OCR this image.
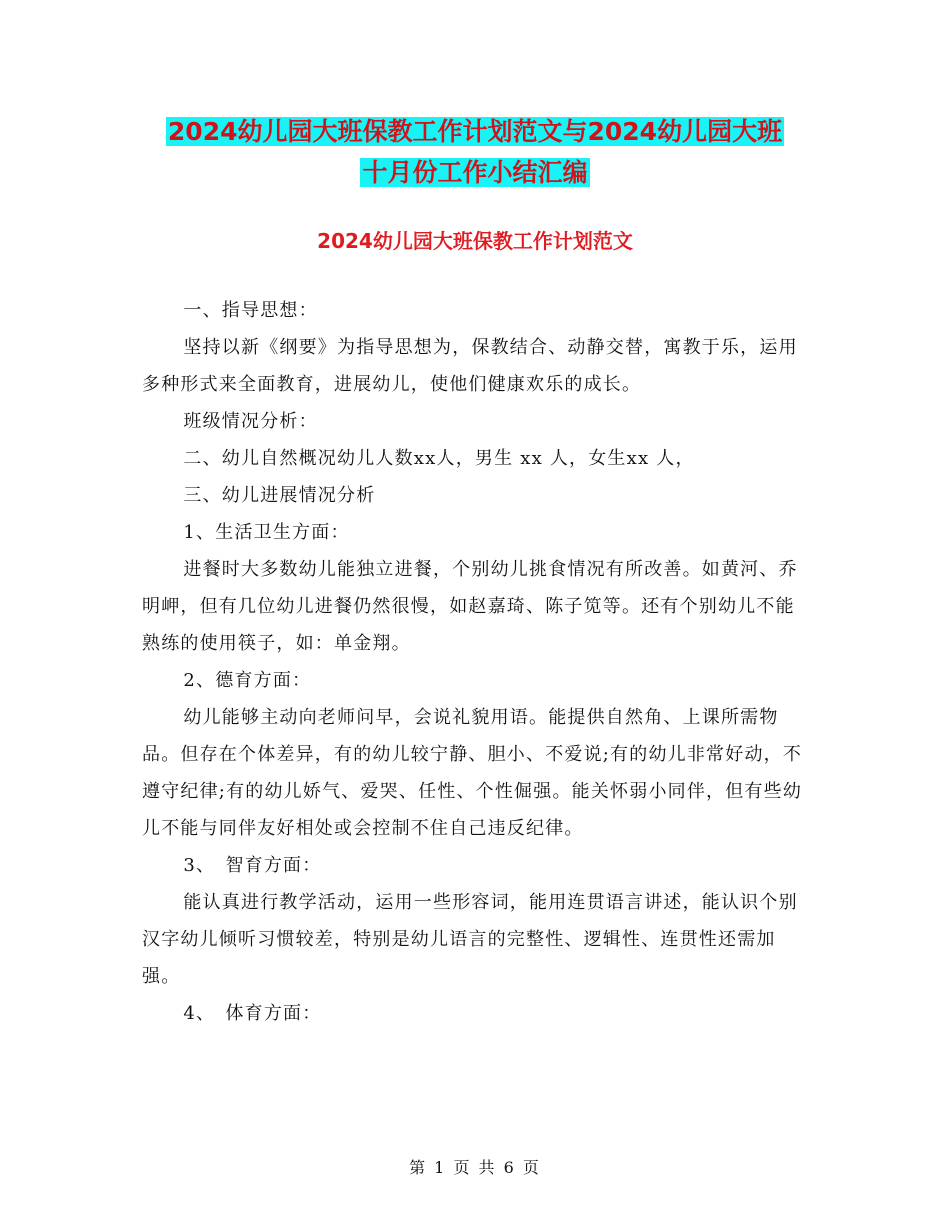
2024幼儿园大班保教工作计划范文与2024幼儿园大班
十月份工作小结汇编
2024幼儿园大班保教工作计划范文

一、指导思想：

坚持以新《纲要》为指导思想为，保教结合、动静交替，寓教于乐，运用多种形式来全面教育，进展幼儿，使他们健康欢乐的成长。

班级情况分析：

二、幼儿自然概况幼儿人数xx人，男生 xx 人，女生xx 人，

三、幼儿进展情况分析

1、生活卫生方面：

进餐时大多数幼儿能独立进餐，个别幼儿挑食情况有所改善。如黄河、乔明岬，但有几位幼儿进餐仍然很慢，如赵嘉琦、陈子笕等。还有个别幼儿不能熟练的使用筷子，如：单金翔。

2、德育方面：

幼儿能够主动向老师问早，会说礼貌用语。能提供自然角、上课所需物品。但存在个体差异，有的幼儿较宁静、胆小、不爱说;有的幼儿非常好动，不遵守纪律;有的幼儿娇气、爱哭、任性、个性倔强。能关怀弱小同伴，但有些幼儿不能与同伴友好相处或会控制不住自己违反纪律。

3、　智育方面：

能认真进行教学活动，运用一些形容词，能用连贯语言讲述，能认识个别汉字幼儿倾听习惯较差，特别是幼儿语言的完整性、逻辑性、连贯性还需加强。

4、　体育方面：

第 1 页 共 6 页
